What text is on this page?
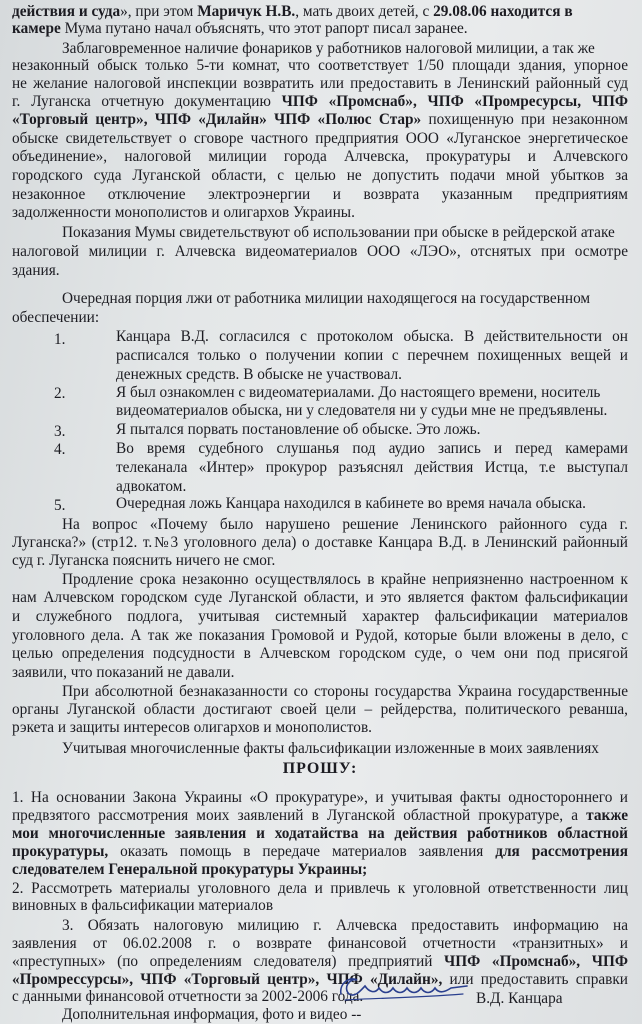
действия и суда», при этом Маричук Н.В., мать двоих детей, с 29.08.06 находится в
камере Мума путано начал объяснять, что этот рапорт писал заранее.
Заблаговременное наличие фонариков у работников налоговой милиции, а так же
незаконный обыск только 5-ти комнат, что соответствует 1/50 площади здания, упорное
не желание налоговой инспекции возвратить или предоставить в Ленинский районный суд
г. Луганска отчетную документацию ЧПФ «Промснаб», ЧПФ «Промресурсы, ЧПФ
«Торговый центр», ЧПФ «Дилайн» ЧПФ «Полюс Стар» похищенную при незаконном
обыске свидетельствует о сговоре частного предприятия ООО «Луганское энергетическое
объединение», налоговой милиции города Алчевска, прокуратуры и Алчевского
городского суда Луганской области, с целью не допустить подачи мной убытков за
незаконное отключение электроэнергии и возврата указанным предприятиям
задолженности монополистов и олигархов Украины.
Показания Мумы свидетельствуют об использовании при обыске в рейдерской атаке
налоговой милиции г. Алчевска видеоматериалов ООО «ЛЭО», отснятых при осмотре
здания.
Очередная порция лжи от работника милиции находящегося на государственном
обеспечении:
1.	Канцара В.Д. согласился с протоколом обыска. В действительности он
расписался только о получении копии с перечнем похищенных вещей и
денежных средств. В обыске не участвовал.
2.	Я был ознакомлен с видеоматериалами. До настоящего времени, носитель
видеоматериалов обыска, ни у следователя ни у судьи мне не предъявлены.
3.	Я пытался порвать постановление об обыске. Это ложь.
4.	Во время судебного слушанья под аудио запись и перед камерами
телеканала «Интер» прокурор разъяснял действия Истца, т.е выступал
адвокатом.
5.	Очередная ложь Канцара находился в кабинете во время начала обыска.
На вопрос «Почему было нарушено решение Ленинского районного суда г.
Луганска?» (стр12. т.№3 уголовного дела) о доставке Канцара В.Д. в Ленинский районный
суд г. Луганска пояснить ничего не смог.
Продление срока незаконно осуществлялось в крайне неприязненно настроенном к
нам Алчевском городском суде Луганской области, и это является фактом фальсификации
и служебного подлога, учитывая системный характер фальсификации материалов
уголовного дела. А так же показания Громовой и Рудой, которые были вложены в дело, с
целью определения подсудности в Алчевском городском суде, о чем они под присягой
заявили, что показаний не давали.
При абсолютной безнаказанности со стороны государства Украина государственные
органы Луганской области достигают своей цели – рейдерства, политического реванша,
рэкета и защиты интересов олигархов и монополистов.
Учитывая многочисленные факты фальсификации изложенные в моих заявлениях
ПРОШУ:
1. На основании Закона Украины «О прокуратуре», и учитывая факты одностороннего и
предвзятого рассмотрения моих заявлений в Луганской областной прокуратуре, а также
мои многочисленные заявления и ходатайства на действия работников областной
прокуратуры, оказать помощь в передаче материалов заявления для рассмотрения
следователем Генеральной прокуратуры Украины;
2. Рассмотреть материалы уголовного дела и привлечь к уголовной ответственности лиц
виновных в фальсификации материалов
3. Обязать налоговую милицию г. Алчевска предоставить информацию на
заявления от 06.02.2008 г. о возврате финансовой отчетности «транзитных» и
«преступных» (по определениям следователя) предприятий ЧПФ «Промснаб», ЧПФ
«Промрессурсы», ЧПФ «Торговый центр», ЧПФ «Дилайн», или предоставить справки
с данными финансовой отчетности за 2002-2006 года.
Дополнительная информация, фото и видео --
В.Д. Канцара
